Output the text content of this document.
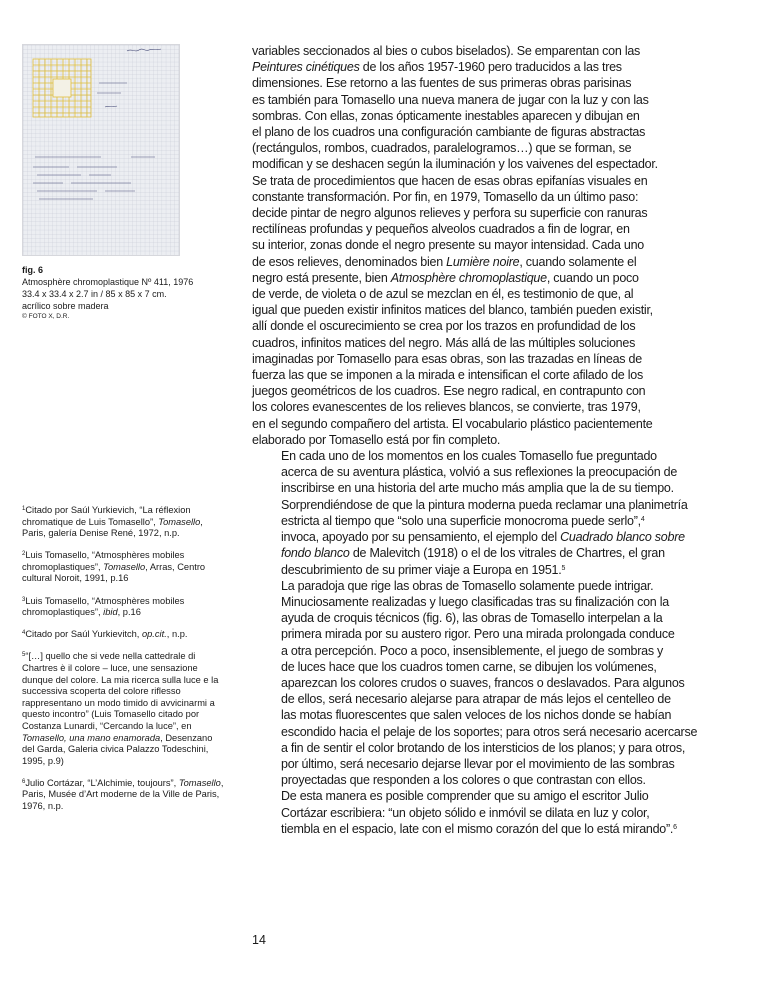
fig. 6
Atmosphère chromoplastique Nº 411, 1976
33.4 x 33.4 x 2.7 in / 85 x 85 x 7 cm.
acrílico sobre madera
© FOTO X, D.R.

$^1$Citado por Saúl Yurkievich, “La réflexion chromatique de Luis Tomasello”, Tomasello, Paris, galería Denise René, 1972, n.p.

$^2$Luis Tomasello, “Atmosphères mobiles chromoplastiques”, Tomasello, Arras, Centro cultural Noroit, 1991, p.16

$^3$Luis Tomasello, “Atmosphères mobiles chromoplastiques”, ibid, p.16

$^4$Citado por Saúl Yurkievitch, op.cit., n.p.

$^5$“[…] quello che si vede nella cattedrale di Chartres è il colore – luce, une sensazione dunque del colore. La mia ricerca sulla luce e la successiva scoperta del colore riflesso rappresentano un modo timido di avvicinarmi a questo incontro” (Luis Tomasello citado por Costanza Lunardi, “Cercando la luce”, en Tomasello, una mano enamorada, Desenzano del Garda, Galeria civica Palazzo Todeschini, 1995, p.9)

$^6$Julio Cortázar, “L’Alchimie, toujours”, Tomasello, Paris, Musée d’Art moderne de la Ville de Paris, 1976, n.p.

variables seccionados al bies o cubos biselados). Se emparentan con las
Peintures cinétiques de los años 1957-1960 pero traducidos a las tres
dimensiones. Ese retorno a las fuentes de sus primeras obras parisinas
es también para Tomasello una nueva manera de jugar con la luz y con las
sombras. Con ellas, zonas ópticamente inestables aparecen y dibujan en
el plano de los cuadros una configuración cambiante de figuras abstractas
(rectángulos, rombos, cuadrados, paralelogramos…) que se forman, se
modifican y se deshacen según la iluminación y los vaivenes del espectador.
Se trata de procedimientos que hacen de esas obras epifanías visuales en
constante transformación. Por fin, en 1979, Tomasello da un último paso:
decide pintar de negro algunos relieves y perfora su superficie con ranuras
rectilíneas profundas y pequeños alveolos cuadrados a fin de lograr, en
su interior, zonas donde el negro presente su mayor intensidad. Cada uno
de esos relieves, denominados bien Lumière noire, cuando solamente el
negro está presente, bien Atmosphère chromoplastique, cuando un poco
de verde, de violeta o de azul se mezclan en él, es testimonio de que, al
igual que pueden existir infinitos matices del blanco, también pueden existir,
allí donde el oscurecimiento se crea por los trazos en profundidad de los
cuadros, infinitos matices del negro. Más allá de las múltiples soluciones
imaginadas por Tomasello para esas obras, son las trazadas en líneas de
fuerza las que se imponen a la mirada e intensifican el corte afilado de los
juegos geométricos de los cuadros. Ese negro radical, en contrapunto con
los colores evanescentes de los relieves blancos, se convierte, tras 1979,
en el segundo compañero del artista. El vocabulario plástico pacientemente
elaborado por Tomasello está por fin completo.

En cada uno de los momentos en los cuales Tomasello fue preguntado
acerca de su aventura plástica, volvió a sus reflexiones la preocupación de
inscribirse en una historia del arte mucho más amplia que la de su tiempo.
Sorprendiéndose de que la pintura moderna pueda reclamar una planimetría
estricta al tiempo que “solo una superficie monocroma puede serlo”,$^4$
invoca, apoyado por su pensamiento, el ejemplo del Cuadrado blanco sobre
fondo blanco de Malevitch (1918) o el de los vitrales de Chartres, el gran
descubrimiento de su primer viaje a Europa en 1951.$^5$

La paradoja que rige las obras de Tomasello solamente puede intrigar.
Minuciosamente realizadas y luego clasificadas tras su finalización con la
ayuda de croquis técnicos (fig. 6), las obras de Tomasello interpelan a la
primera mirada por su austero rigor. Pero una mirada prolongada conduce
a otra percepción. Poco a poco, insensiblemente, el juego de sombras y
de luces hace que los cuadros tomen carne, se dibujen los volúmenes,
aparezcan los colores crudos o suaves, francos o deslavados. Para algunos
de ellos, será necesario alejarse para atrapar de más lejos el centelleo de
las motas fluorescentes que salen veloces de los nichos donde se habían
escondido hacia el pelaje de los soportes; para otros será necesario acercarse
a fin de sentir el color brotando de los intersticios de los planos; y para otros,
por último, será necesario dejarse llevar por el movimiento de las sombras
proyectadas que responden a los colores o que contrastan con ellos.

De esta manera es posible comprender que su amigo el escritor Julio
Cortázar escribiera: “un objeto sólido e inmóvil se dilata en luz y color,
tiembla en el espacio, late con el mismo corazón del que lo está mirando”.$^6$

14
